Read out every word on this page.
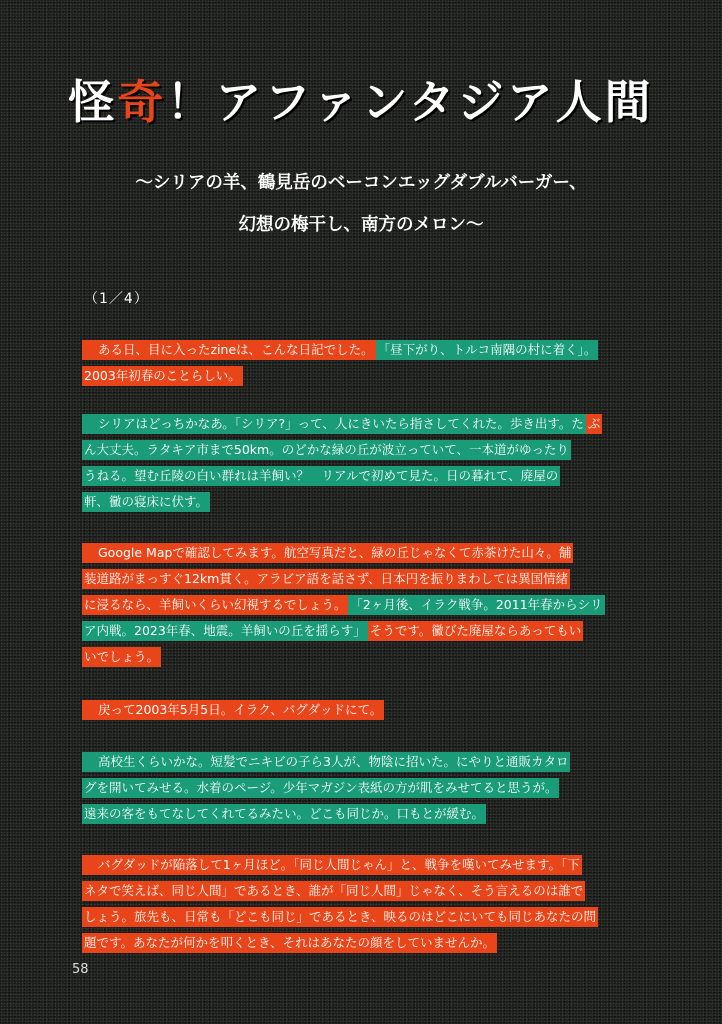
怪奇！アファンタジア人間
～シリアの羊、鶴見岳のベーコンエッグダブルバーガー、
幻想の梅干し、南方のメロン～
（1／4）
ある日、目に入ったzineは、こんな日記でした。 「昼下がり、トルコ南隅の村に着く」。
2003年初春のことらしい。
シリアはどっちかなあ。「シリア?」って、人にきいたら指さしてくれた。歩き出す。た ぶ
ん大丈夫。ラタキア市まで50km。のどかな緑の丘が波立っていて、一本道がゆったり
うねる。望む丘陵の白い群れは羊飼い？　リアルで初めて見た。日の暮れて、廃屋の
軒、黴の寝床に伏す。
Google Mapで確認してみます。航空写真だと、緑の丘じゃなくて赤茶けた山々。舗
装道路がまっすぐ12km貫く。アラビア語を話さず、日本円を振りまわしては異国情緒
に浸るなら、羊飼いくらい幻視するでしょう。 「2ヶ月後、イラク戦争。2011年春からシリ
ア内戦。2023年春、地震。羊飼いの丘を揺らす」 そうです。黴びた廃屋ならあってもい
いでしょう。
戻って2003年5月5日。イラク、バグダッドにて。
高校生くらいかな。短髪でニキビの子ら3人が、物陰に招いた。にやりと通販カタロ
グを開いてみせる。水着のページ。少年マガジン表紙の方が肌をみせてると思うが。
遠来の客をもてなしてくれてるみたい。どこも同じか。口もとが緩む。
バグダッドが陥落して1ヶ月ほど。「同じ人間じゃん」と、戦争を嘆いてみせます。「下
ネタで笑えば、同じ人間」であるとき、誰が「同じ人間」じゃなく、そう言えるのは誰で
しょう。旅先も、日常も「どこも同じ」であるとき、映るのはどこにいても同じあなたの問
題です。あなたが何かを叩くとき、それはあなたの顔をしていませんか。
58
